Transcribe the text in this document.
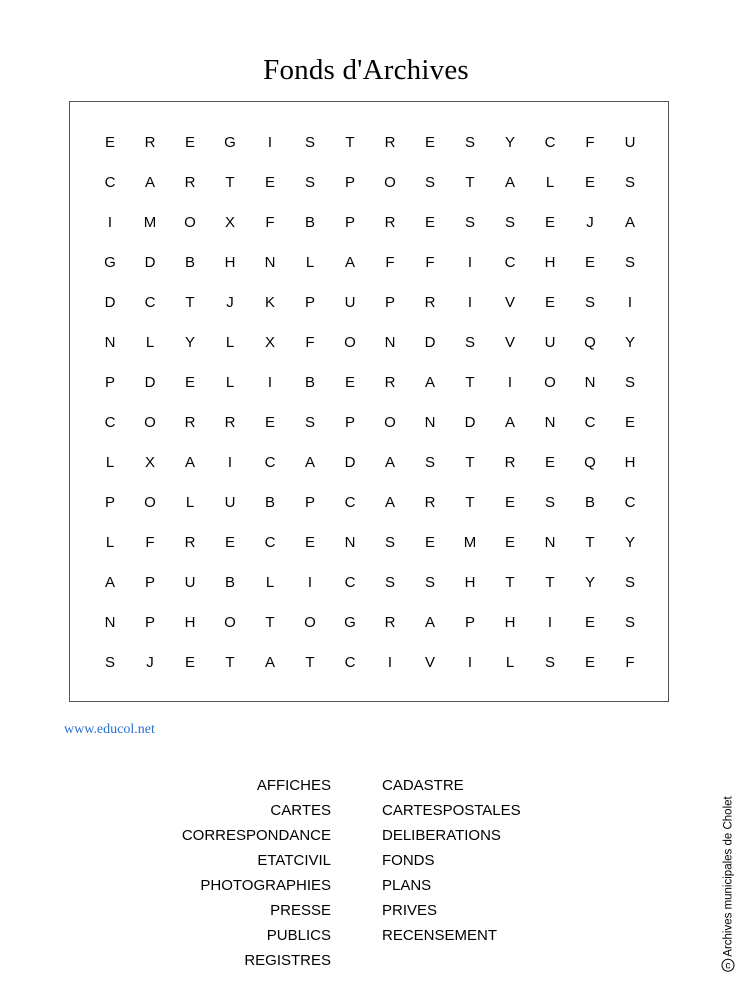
Fonds d'Archives
E	R	E	G	I	S	T	R	E	S	Y	C	F	U
C	A	R	T	E	S	P	O	S	T	A	L	E	S
I	M	O	X	F	B	P	R	E	S	S	E	J	A
G	D	B	H	N	L	A	F	F	I	C	H	E	S
D	C	T	J	K	P	U	P	R	I	V	E	S	I
N	L	Y	L	X	F	O	N	D	S	V	U	Q	Y
P	D	E	L	I	B	E	R	A	T	I	O	N	S
C	O	R	R	E	S	P	O	N	D	A	N	C	E
L	X	A	I	C	A	D	A	S	T	R	E	Q	H
P	O	L	U	B	P	C	A	R	T	E	S	B	C
L	F	R	E	C	E	N	S	E	M	E	N	T	Y
A	P	U	B	L	I	C	S	S	H	T	T	Y	S
N	P	H	O	T	O	G	R	A	P	H	I	E	S
S	J	E	T	A	T	C	I	V	I	L	S	E	F
www.educol.net
AFFICHES
CARTES
CORRESPONDANCE
ETATCIVIL
PHOTOGRAPHIES
PRESSE
PUBLICS
REGISTRES
CADASTRE
CARTESPOSTALES
DELIBERATIONS
FONDS
PLANS
PRIVES
RECENSEMENT
c
Archives municipales de Cholet
